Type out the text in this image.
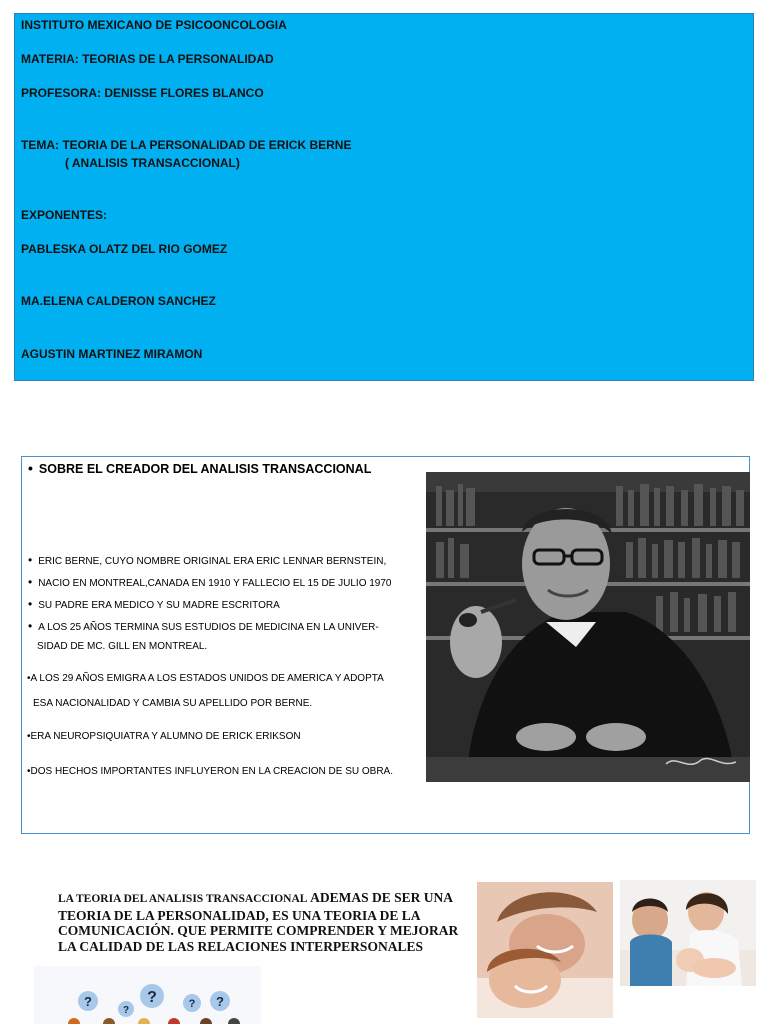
INSTITUTO MEXICANO DE PSICOONCOLOGIA
MATERIA: TEORIAS DE LA PERSONALIDAD
PROFESORA: DENISSE FLORES BLANCO
TEMA: TEORIA DE LA PERSONALIDAD DE ERICK BERNE
( ANALISIS TRANSACCIONAL)
EXPONENTES:
PABLESKA OLATZ DEL RIO GOMEZ
MA.ELENA CALDERON SANCHEZ
AGUSTIN MARTINEZ MIRAMON
• SOBRE EL CREADOR DEL ANALISIS TRANSACCIONAL
• ERIC BERNE, CUYO NOMBRE ORIGINAL ERA ERIC LENNAR BERNSTEIN,
• NACIO EN MONTREAL,CANADA EN 1910 Y FALLECIO EL 15 DE JULIO 1970
• SU PADRE ERA MEDICO Y SU MADRE ESCRITORA
• A LOS 25 AÑOS TERMINA SUS ESTUDIOS DE MEDICINA EN LA UNIVER-
SIDAD DE MC. GILL EN MONTREAL.
•A LOS 29 AÑOS EMIGRA A LOS ESTADOS UNIDOS DE AMERICA Y ADOPTA
ESA NACIONALIDAD Y CAMBIA SU APELLIDO POR BERNE.
•ERA NEUROPSIQUIATRA Y ALUMNO DE ERICK ERIKSON
•DOS HECHOS IMPORTANTES INFLUYERON EN LA CREACION DE SU OBRA.
LA TEORIA DEL ANALISIS TRANSACCIONAL ADEMAS DE SER UNA TEORIA DE LA PERSONALIDAD, ES UNA TEORIA DE LA COMUNICACIÓN. QUE PERMITE COMPRENDER Y MEJORAR LA CALIDAD DE LAS RELACIONES INTERPERSONALES
?
?
?	? ?
